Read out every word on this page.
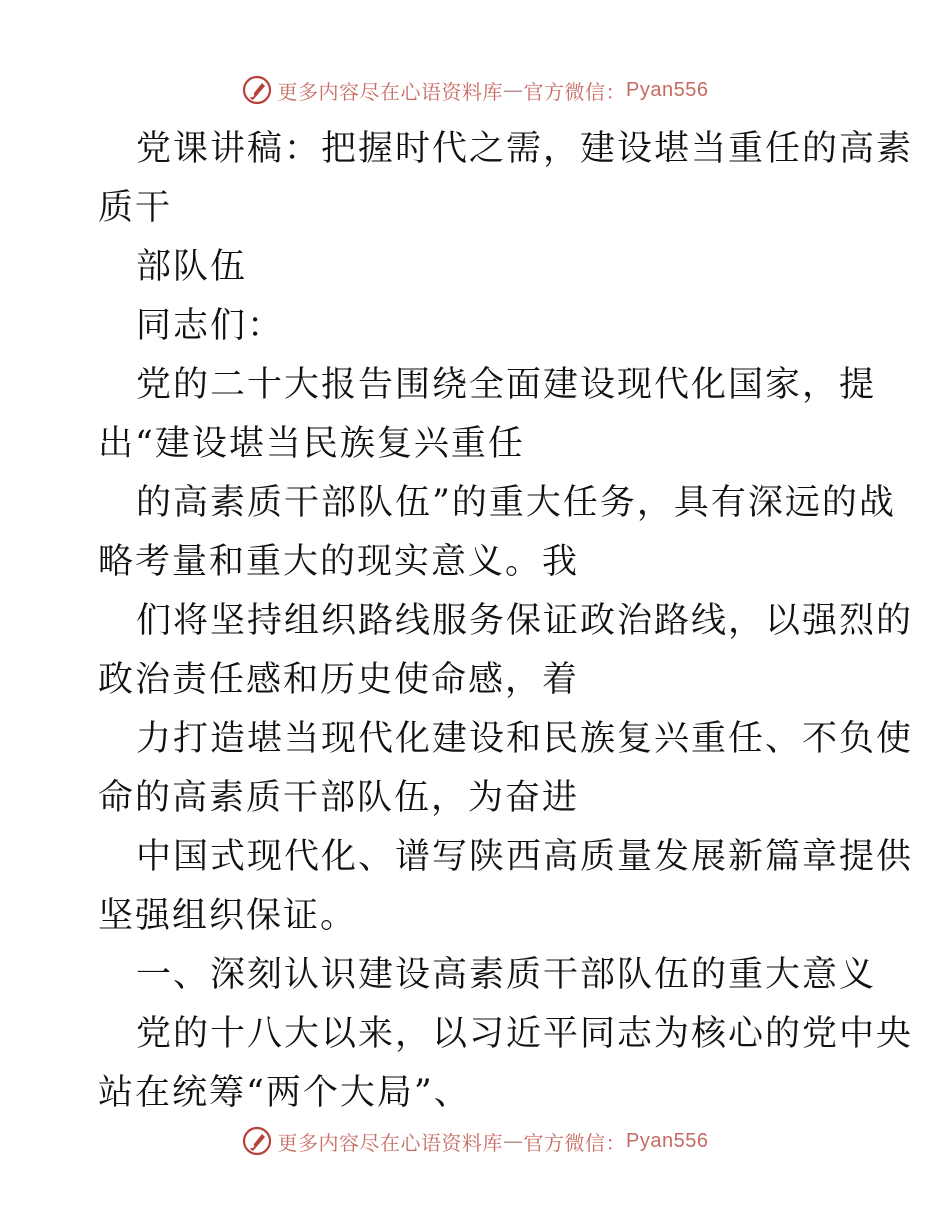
更多内容尽在心语资料库 — 官方微信： Pyan556
党课讲稿：把握时代之需，建设堪当重任的高素
质干
部队伍
同志们：
党的二十大报告围绕全面建设现代化国家，提
出“建设堪当民族复兴重任
的高素质干部队伍”的重大任务，具有深远的战
略考量和重大的现实意义。我
们将坚持组织路线服务保证政治路线，以强烈的
政治责任感和历史使命感，着
力打造堪当现代化建设和民族复兴重任、不负使
命的高素质干部队伍，为奋进
中国式现代化、谱写陕西高质量发展新篇章提供
坚强组织保证。
一、深刻认识建设高素质干部队伍的重大意义
党的十八大以来，以习近平同志为核心的党中央
站在统筹“两个大局”、
更多内容尽在心语资料库 — 官方微信： Pyan556
